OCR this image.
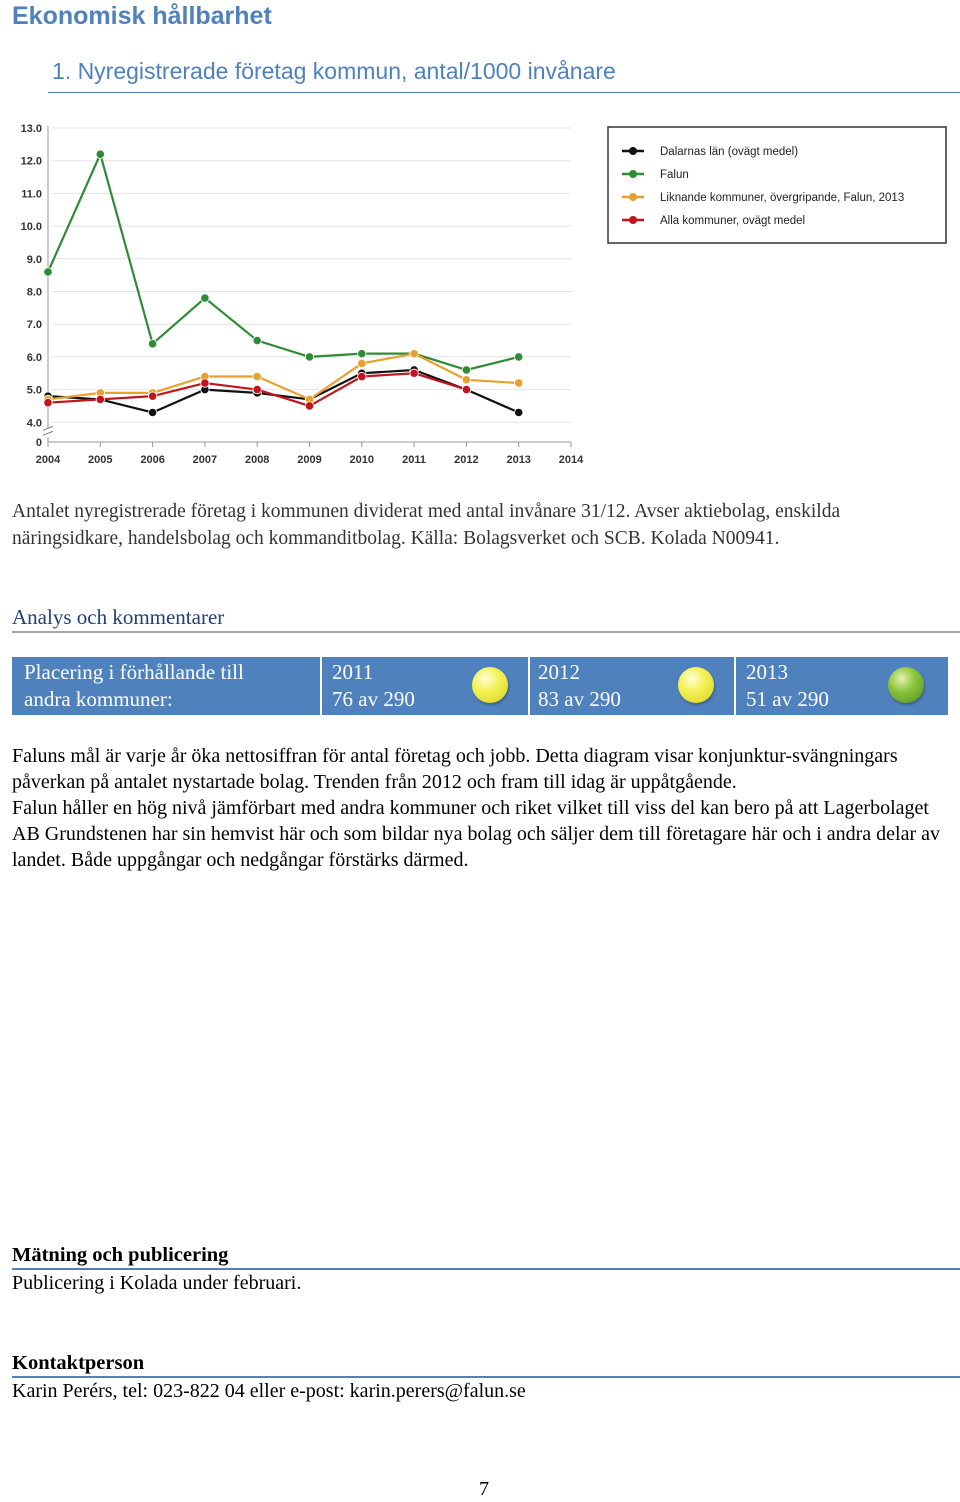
Ekonomisk hållbarhet
1. Nyregistrerade företag kommun, antal/1000 invånare
13.0
12.0
11.0
10.0
9.0
8.0
7.0
6.0
5.0
4.0
0
2004	2005	2006	2007	2008	2009	2010	2011	2012	2013	2014
Dalarnas län (ovägt medel)
Falun
Liknande kommuner, övergripande, Falun, 2013
Alla kommuner, ovägt medel
Antalet nyregistrerade företag i kommunen dividerat med antal invånare 31/12. Avser aktiebolag, enskilda näringsidkare, handelsbolag och kommanditbolag. Källa: Bolagsverket och SCB. Kolada N00941.
Analys och kommentarer
Placering i förhållande till
andra kommuner:
2011
76 av 290
2012
83 av 290
2013
51 av 290

Faluns mål är varje år öka nettosiffran för antal företag och jobb. Detta diagram visar konjunktur-svängningars påverkan på antalet nystartade bolag. Trenden från 2012 och fram till idag är uppåtgående.

Falun håller en hög nivå jämförbart med andra kommuner och riket vilket till viss del kan bero på att Lagerbolaget AB Grundstenen har sin hemvist här och som bildar nya bolag och säljer dem till företagare här och i andra delar av landet. Både uppgångar och nedgångar förstärks därmed.

Mätning och publicering
Publicering i Kolada under februari.
Kontaktperson
Karin Perérs, tel: 023-822 04 eller e-post: karin.perers@falun.se
7
